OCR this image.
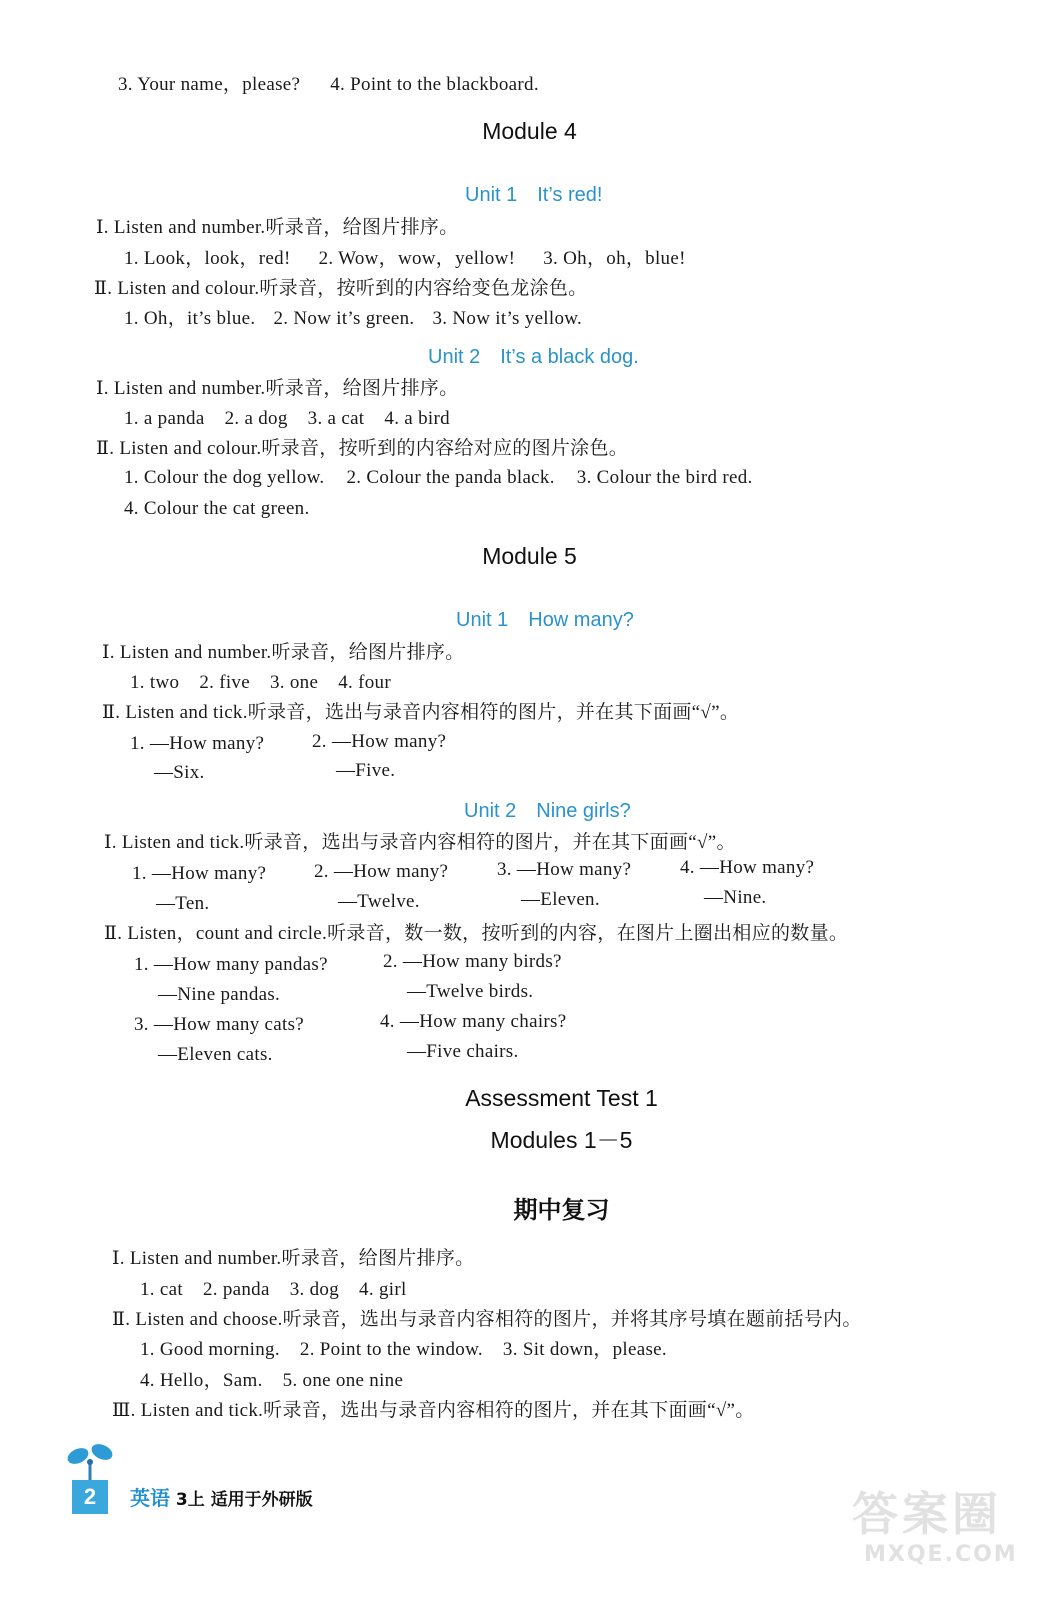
3. Your name，please? 4. Point to the blackboard.
Module 4
Unit 1　It’s red!
Ⅰ. Listen and number.听录音，给图片排序。
1. Look，look，red! 2. Wow，wow，yellow! 3. Oh，oh，blue!
Ⅱ. Listen and colour.听录音，按听到的内容给变色龙涂色。
1. Oh，it’s blue. 2. Now it’s green. 3. Now it’s yellow.
Unit 2　It’s a black dog.
Ⅰ. Listen and number.听录音，给图片排序。
1. a panda 2. a dog 3. a cat 4. a bird
Ⅱ. Listen and colour.听录音，按听到的内容给对应的图片涂色。
1. Colour the dog yellow. 2. Colour the panda black. 3. Colour the bird red.
4. Colour the cat green.
Module 5
Unit 1　How many?
Ⅰ. Listen and number.听录音，给图片排序。
1. two 2. five 3. one 4. four
Ⅱ. Listen and tick.听录音，选出与录音内容相符的图片，并在其下面画“√”。
1. —How many?	2. —How many?
—Six.	—Five.
Unit 2　Nine girls?
Ⅰ. Listen and tick.听录音，选出与录音内容相符的图片，并在其下面画“√”。
1. —How many?	2. —How many?	3. —How many?	4. —How many?
—Ten.	—Twelve.	—Eleven.	—Nine.
Ⅱ. Listen，count and circle.听录音，数一数，按听到的内容，在图片上圈出相应的数量。
1. —How many pandas?	2. —How many birds?
—Nine pandas.	—Twelve birds.
3. —How many cats?	4. —How many chairs?
—Eleven cats.	—Five chairs.
Assessment Test 1
Modules 1－5
期中复习
Ⅰ. Listen and number.听录音，给图片排序。
1. cat 2. panda 3. dog 4. girl
Ⅱ. Listen and choose.听录音，选出与录音内容相符的图片，并将其序号填在题前括号内。
1. Good morning. 2. Point to the window. 3. Sit down，please.
4. Hello，Sam. 5. one one nine
Ⅲ. Listen and tick.听录音，选出与录音内容相符的图片，并在其下面画“√”。
2	英语 3上 适用于外研版	答案圈
MXQE.COM
